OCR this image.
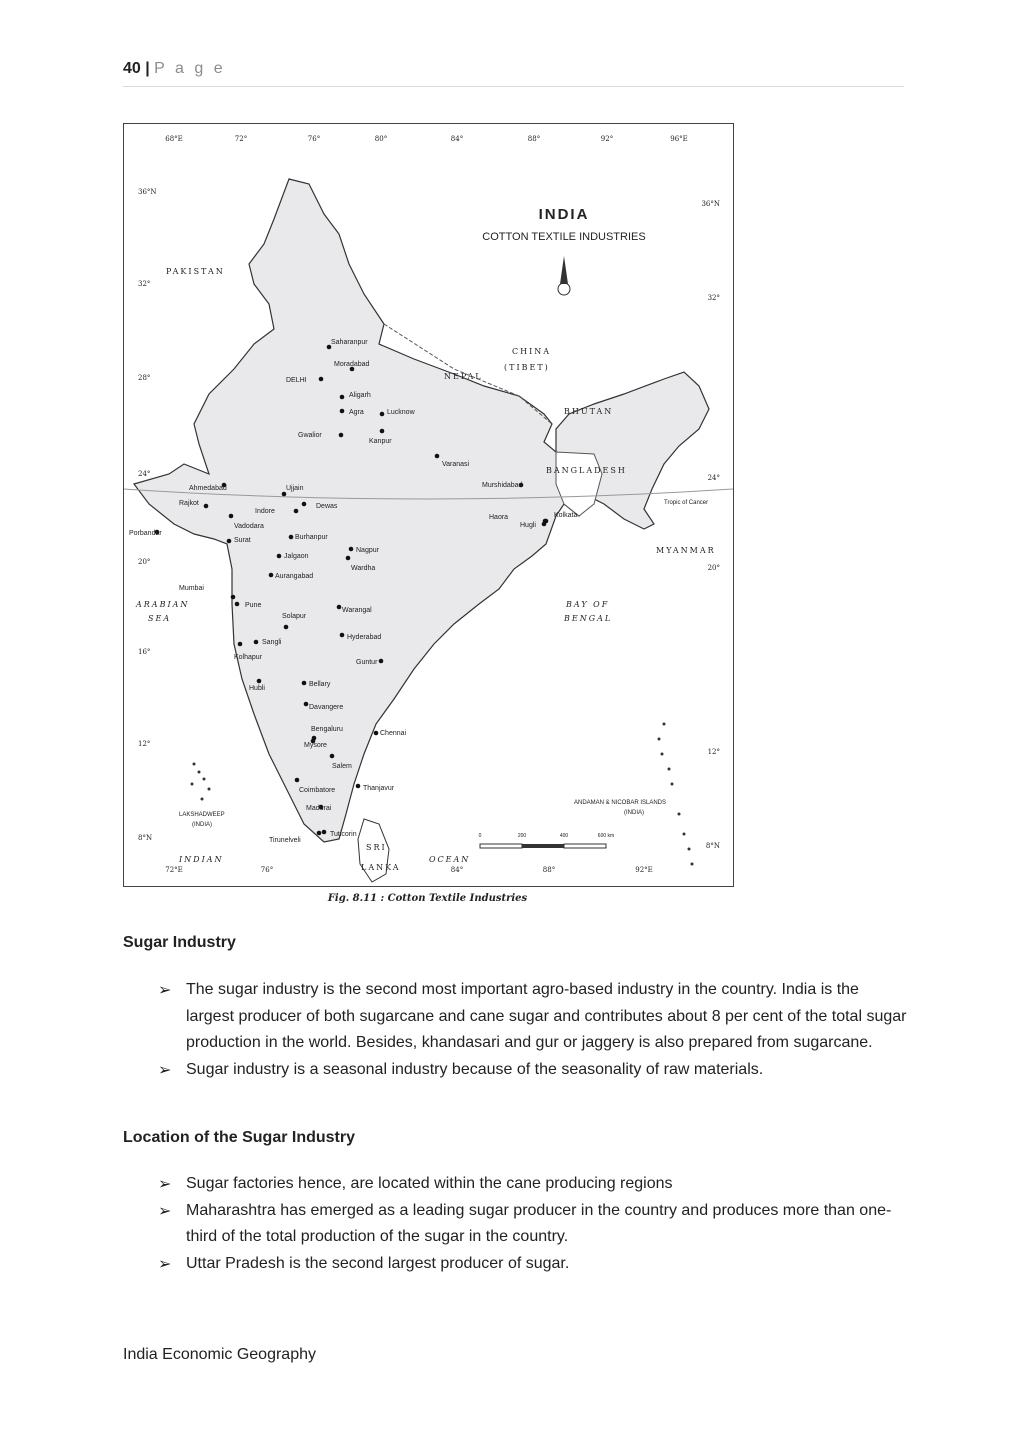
40 | P a g e
INDIA
COTTON TEXTILE INDUSTRIES
68°E	72°	76°	80°	84°	88°	92°	96°E
72°E	76°	84°	88°	92°E
36°N
32°
28°
24°
20°
16°
12°
8°N
36°N
32°
24°
20°
12°
8°N
PAKISTAN
CHINA
(TIBET)
NEPAL
BHUTAN
BANGLADESH
MYANMAR
SRI
LANKA
ARABIAN
SEA
BAY OF
BENGAL
INDIAN	OCEAN
LAKSHADWEEP
(INDIA)
ANDAMAN & NICOBAR ISLANDS
(INDIA)
Tropic of Cancer
0	200	400	600 km
Saharanpur
Moradabad
DELHI
Aligarh
Agra	Lucknow
Gwalior
Kanpur
Varanasi
Murshidabad
Ahmedabad
Rajkot
Ujjain
Indore
Dewas
Porbandar
Vadodara
Surat	Burhanpur
Jalgaon
Aurangabad
Nagpur
Wardha
Haora	Kolkata
Hugli
Mumbai
Pune
Solapur
Warangal
Sangli
Kolhapur
Hyderabad
Guntur
Hubli
Bellary
Davangere
Bengaluru
Mysore
Chennai
Salem
Coimbatore	Thanjavur
Madurai
Tirunelveli
Tuticorin
Fig. 8.11 : Cotton Textile Industries
Sugar Industry
➢ The sugar industry is the second most important agro-based industry in the country. India is the largest producer of both sugarcane and cane sugar and contributes about 8 per cent of the total sugar production in the world. Besides, khandasari and gur or jaggery is also prepared from sugarcane.
➢ Sugar industry is a seasonal industry because of the seasonality of raw materials.
Location of the Sugar Industry
➢ Sugar factories hence, are located within the cane producing regions
➢ Maharashtra has emerged as a leading sugar producer in the country and produces more than one-third of the total production of the sugar in the country.
➢ Uttar Pradesh is the second largest producer of sugar.
India Economic Geography
